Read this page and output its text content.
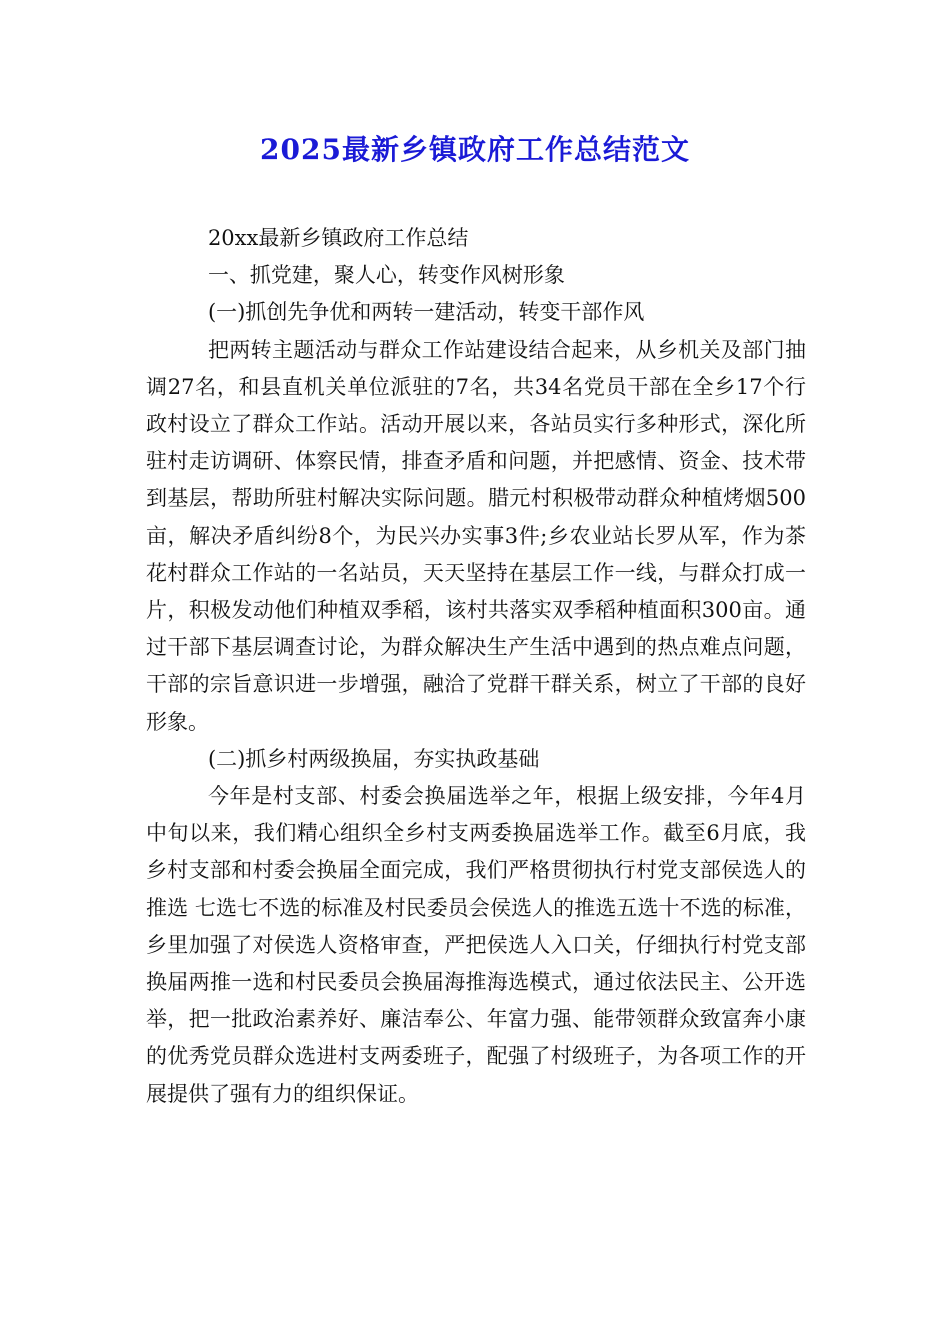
2025最新乡镇政府工作总结范文

20xx最新乡镇政府工作总结

一、抓党建，聚人心，转变作风树形象

(一)抓创先争优和两转一建活动，转变干部作风

把两转主题活动与群众工作站建设结合起来，从乡机关及部门抽调27名，和县直机关单位派驻的7名，共34名党员干部在全乡17个行政村设立了群众工作站。活动开展以来，各站员实行多种形式，深化所驻村走访调研、体察民情，排查矛盾和问题，并把感情、资金、技术带到基层，帮助所驻村解决实际问题。腊元村积极带动群众种植烤烟500亩，解决矛盾纠纷8个，为民兴办实事3件;乡农业站长罗从军，作为茶花村群众工作站的一名站员，天天坚持在基层工作一线，与群众打成一片，积极发动他们种植双季稻，该村共落实双季稻种植面积300亩。通过干部下基层调查讨论，为群众解决生产生活中遇到的热点难点问题，干部的宗旨意识进一步增强，融洽了党群干群关系，树立了干部的良好形象。

(二)抓乡村两级换届，夯实执政基础

今年是村支部、村委会换届选举之年，根据上级安排，今年4月中旬以来，我们精心组织全乡村支两委换届选举工作。截至6月底，我乡村支部和村委会换届全面完成，我们严格贯彻执行村党支部侯选人的推选 七选七不选的标准及村民委员会侯选人的推选五选十不选的标准，乡里加强了对侯选人资格审查，严把侯选人入口关，仔细执行村党支部换届两推一选和村民委员会换届海推海选模式，通过依法民主、公开选举，把一批政治素养好、廉洁奉公、年富力强、能带领群众致富奔小康的优秀党员群众选进村支两委班子，配强了村级班子，为各项工作的开展提供了强有力的组织保证。
